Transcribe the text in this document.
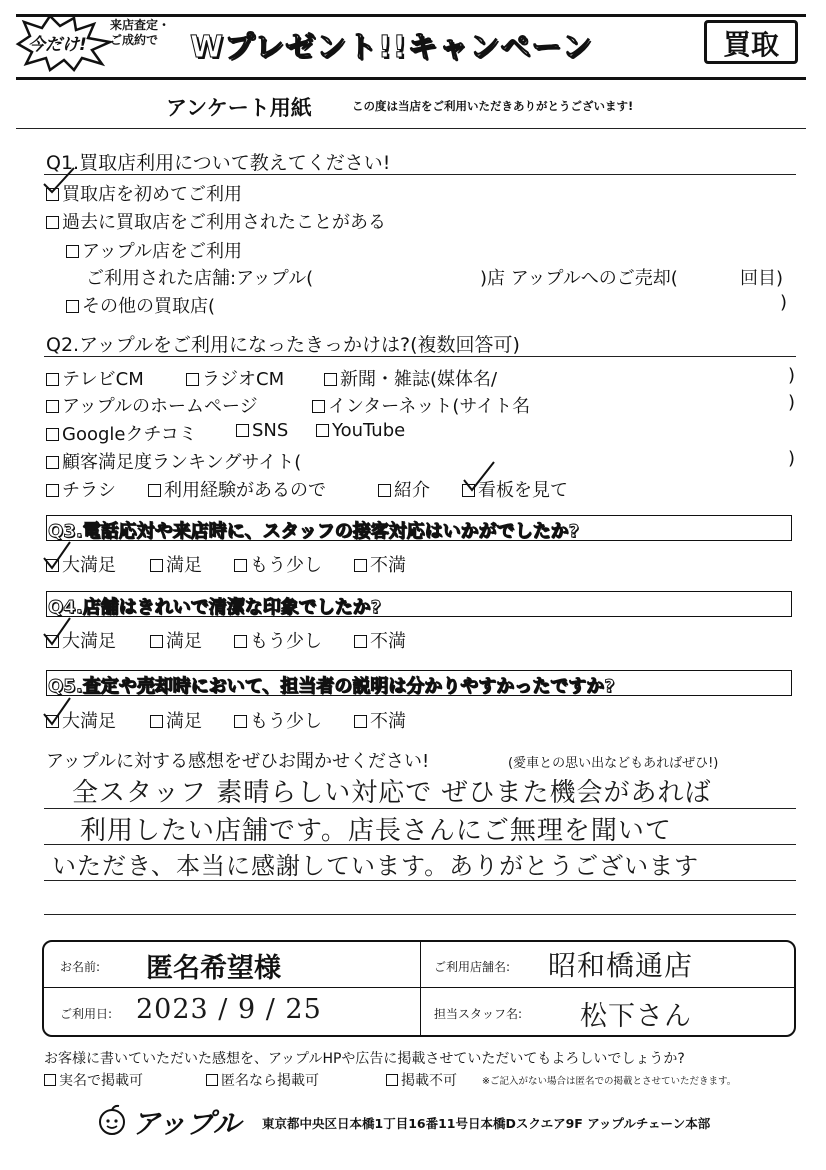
今だけ!
来店査定・
ご成約で	Wプレゼント!!キャンペーン	買取
アンケート用紙	この度は当店をご利用いただきありがとうございます!
Q1.買取店利用について教えてください!
買取店を初めてご利用
過去に買取店をご利用されたことがある
アップル店をご利用
ご利用された店舗:アップル(	)店 アップルへのご売却(	回目)
その他の買取店(	)
Q2.アップルをご利用になったきっかけは?(複数回答可)
テレビCM	ラジオCM	新聞・雑誌(媒体名/	)
アップルのホームページ	インターネット(サイト名	)
Googleクチコミ	SNS	YouTube
顧客満足度ランキングサイト(	)
チラシ	利用経験があるので	紹介	看板を見て
Q3.電話応対や来店時に、スタッフの接客対応はいかがでしたか?
大満足	満足	もう少し	不満
Q4.店舗はきれいで清潔な印象でしたか?
大満足	満足	もう少し	不満
Q5.査定や売却時において、担当者の説明は分かりやすかったですか?
大満足	満足	もう少し	不満
アップルに対する感想をぜひお聞かせください!	(愛車との思い出などもあればぜひ!)
全スタッフ 素晴らしい対応で ぜひまた機会があれば
利用したい店舗です。店長さんにご無理を聞いて
いただき、本当に感謝しています。ありがとうございます
お名前: 匿名希望様	ご利用店舗名: 昭和橋通店
ご利用日: 2023 / 9 / 25	担当スタッフ名: 松下さん
お客様に書いていただいた感想を、アップルHPや広告に掲載させていただいてもよろしいでしょうか?
実名で掲載可	匿名なら掲載可	掲載不可	※ご記入がない場合は匿名での掲載とさせていただきます。
アップル 東京都中央区日本橋1丁目16番11号日本橋Dスクエア9F アップルチェーン本部
